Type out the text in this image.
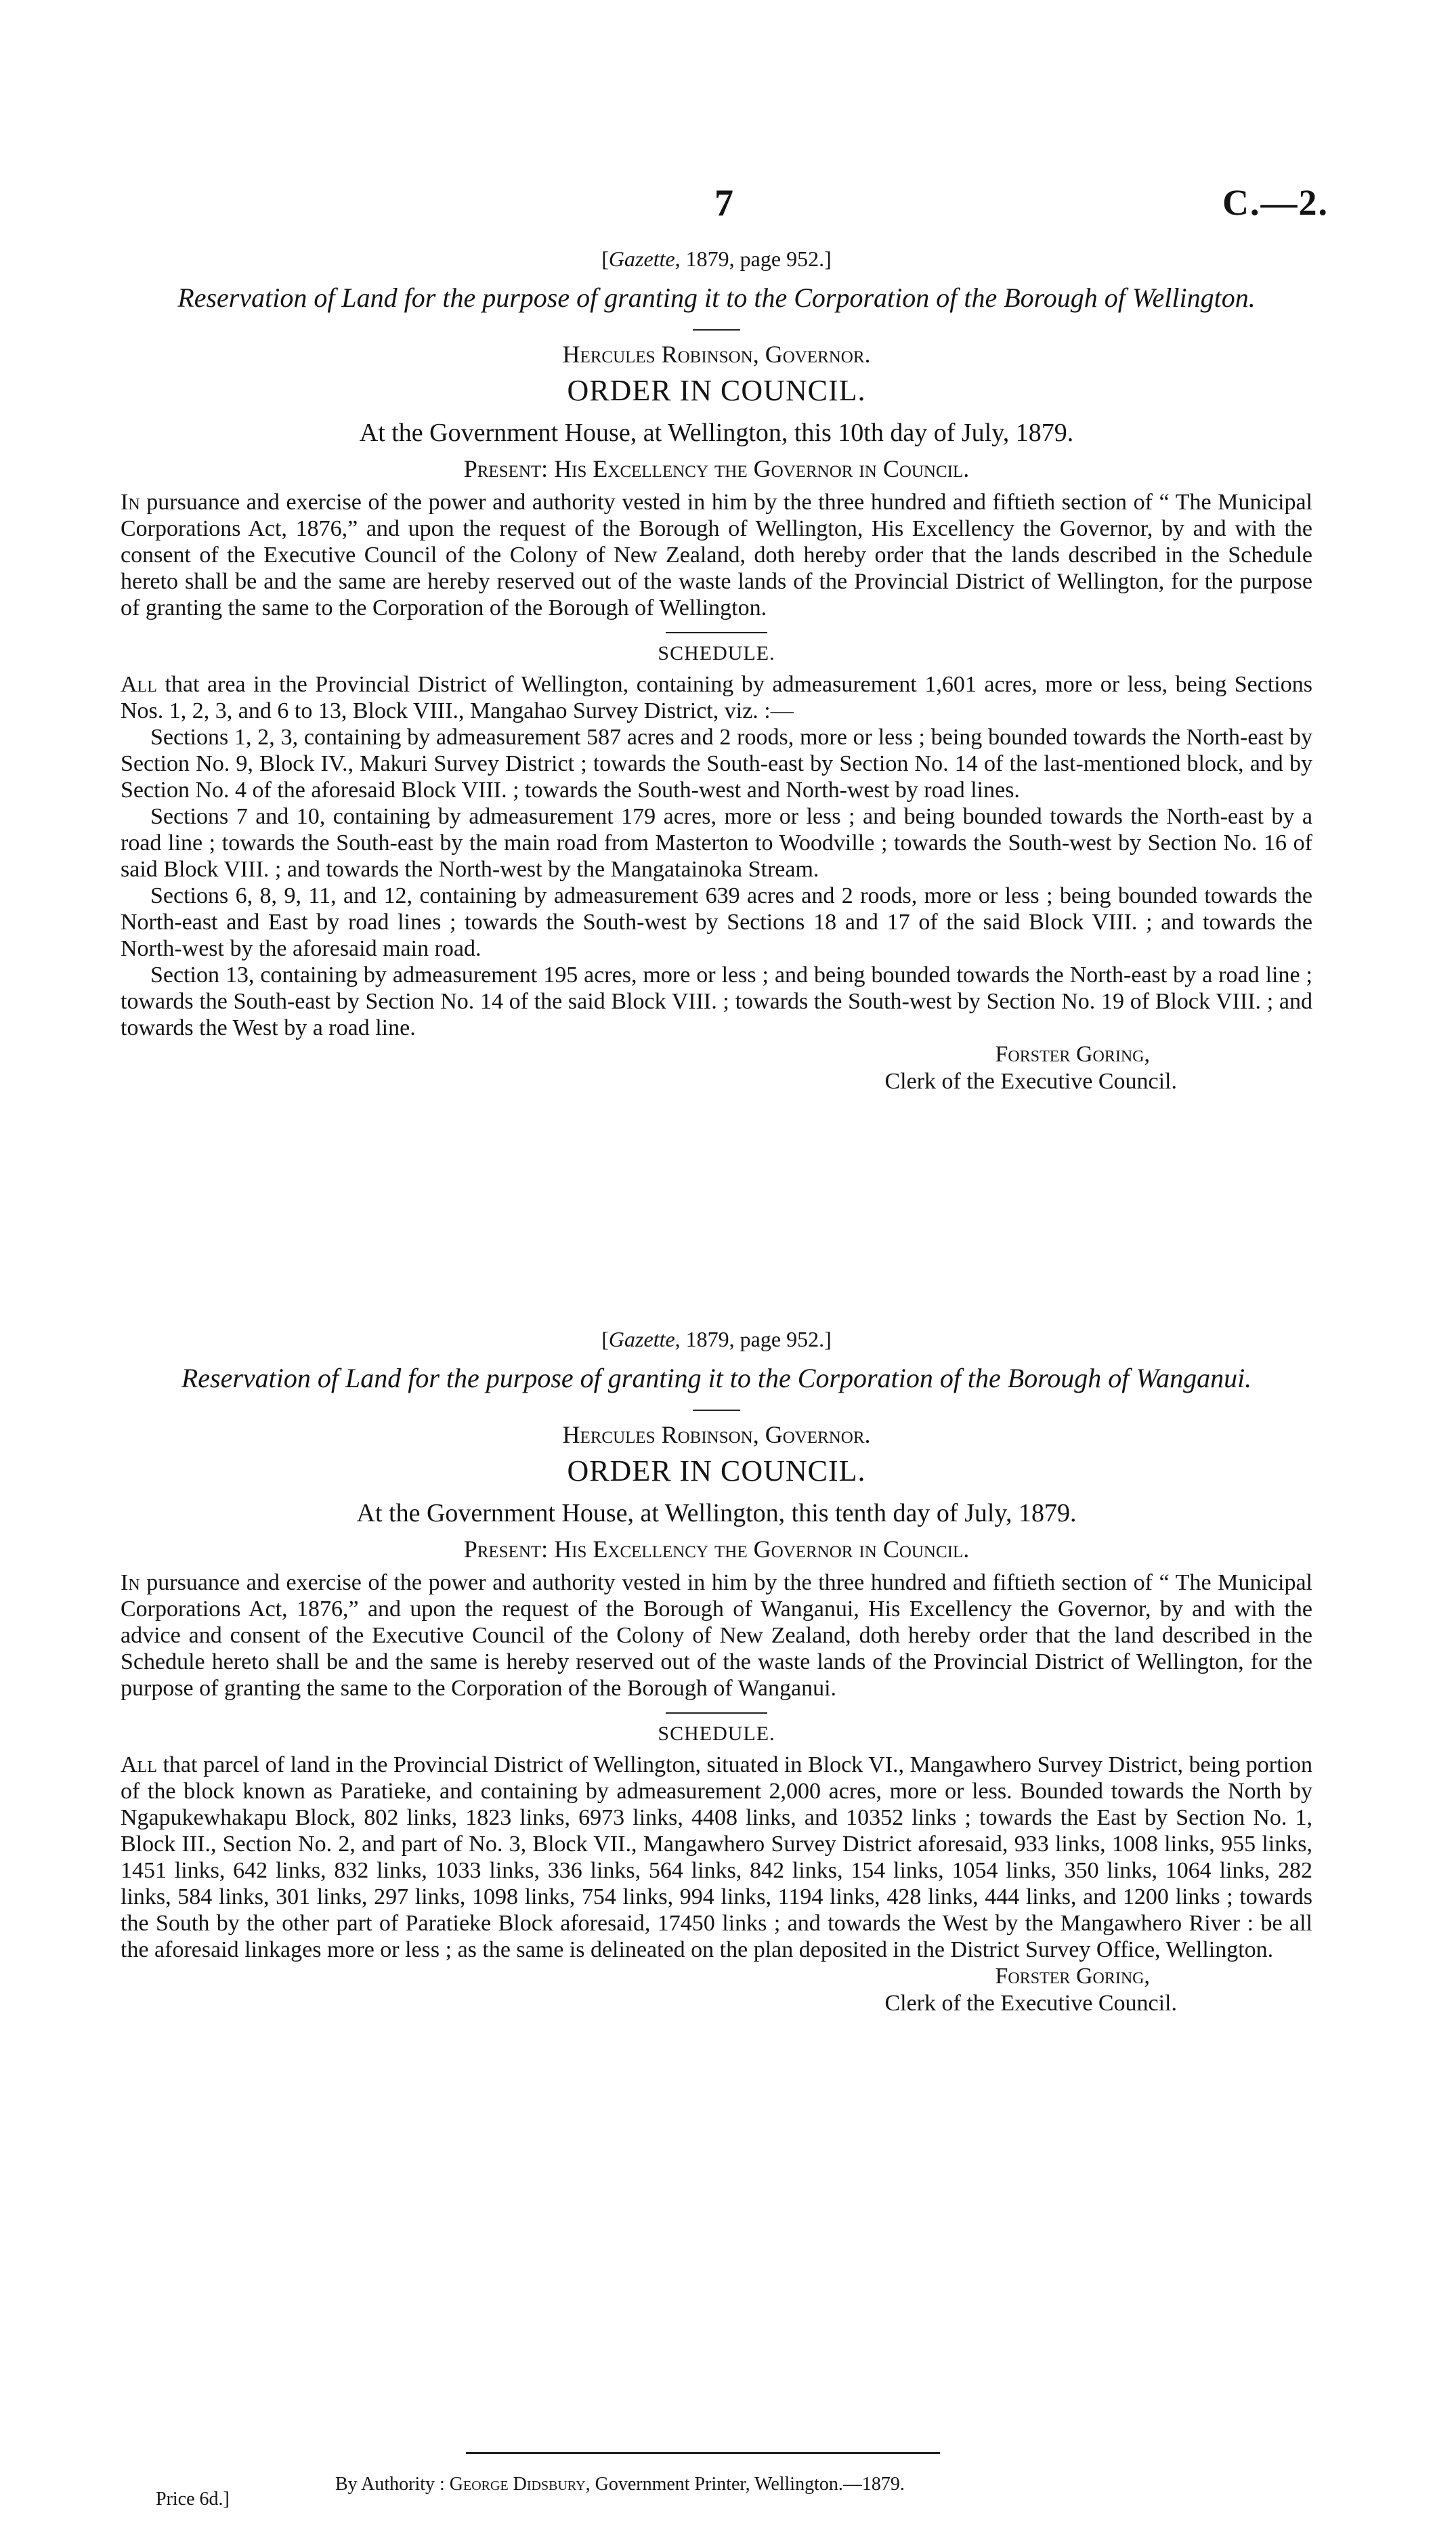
7	C.—2.
[Gazette, 1879, page 952.]
Reservation of Land for the purpose of granting it to the Corporation of the Borough of Wellington.
Hercules Robinson, Governor.
ORDER IN COUNCIL.
At the Government House, at Wellington, this 10th day of July, 1879.
Present: His Excellency the Governor in Council.

In pursuance and exercise of the power and authority vested in him by the three hundred and fiftieth section of “ The Municipal Corporations Act, 1876,” and upon the request of the Borough of Wellington, His Excellency the Governor, by and with the consent of the Executive Council of the Colony of New Zealand, doth hereby order that the lands described in the Schedule hereto shall be and the same are hereby reserved out of the waste lands of the Provincial District of Wellington, for the purpose of granting the same to the Corporation of the Borough of Wellington.

SCHEDULE.

All that area in the Provincial District of Wellington, containing by admeasurement 1,601 acres, more or less, being Sections Nos. 1, 2, 3, and 6 to 13, Block VIII., Mangahao Survey District, viz. :—

Sections 1, 2, 3, containing by admeasurement 587 acres and 2 roods, more or less ; being bounded towards the North-east by Section No. 9, Block IV., Makuri Survey District ; towards the South-east by Section No. 14 of the last-mentioned block, and by Section No. 4 of the aforesaid Block VIII. ; towards the South-west and North-west by road lines.

Sections 7 and 10, containing by admeasurement 179 acres, more or less ; and being bounded towards the North-east by a road line ; towards the South-east by the main road from Masterton to Woodville ; towards the South-west by Section No. 16 of said Block VIII. ; and towards the North-west by the Mangatainoka Stream.

Sections 6, 8, 9, 11, and 12, containing by admeasurement 639 acres and 2 roods, more or less ; being bounded towards the North-east and East by road lines ; towards the South-west by Sections 18 and 17 of the said Block VIII. ; and towards the North-west by the aforesaid main road.

Section 13, containing by admeasurement 195 acres, more or less ; and being bounded towards the North-east by a road line ; towards the South-east by Section No. 14 of the said Block VIII. ; towards the South-west by Section No. 19 of Block VIII. ; and towards the West by a road line.

Forster Goring,
Clerk of the Executive Council.
[Gazette, 1879, page 952.]
Reservation of Land for the purpose of granting it to the Corporation of the Borough of Wanganui.
Hercules Robinson, Governor.
ORDER IN COUNCIL.
At the Government House, at Wellington, this tenth day of July, 1879.
Present: His Excellency the Governor in Council.

In pursuance and exercise of the power and authority vested in him by the three hundred and fiftieth section of “ The Municipal Corporations Act, 1876,” and upon the request of the Borough of Wanganui, His Excellency the Governor, by and with the advice and consent of the Executive Council of the Colony of New Zealand, doth hereby order that the land described in the Schedule hereto shall be and the same is hereby reserved out of the waste lands of the Provincial District of Wellington, for the purpose of granting the same to the Corporation of the Borough of Wanganui.

SCHEDULE.

All that parcel of land in the Provincial District of Wellington, situated in Block VI., Mangawhero Survey District, being portion of the block known as Paratieke, and containing by admeasurement 2,000 acres, more or less. Bounded towards the North by Ngapukewhakapu Block, 802 links, 1823 links, 6973 links, 4408 links, and 10352 links ; towards the East by Section No. 1, Block III., Section No. 2, and part of No. 3, Block VII., Mangawhero Survey District aforesaid, 933 links, 1008 links, 955 links, 1451 links, 642 links, 832 links, 1033 links, 336 links, 564 links, 842 links, 154 links, 1054 links, 350 links, 1064 links, 282 links, 584 links, 301 links, 297 links, 1098 links, 754 links, 994 links, 1194 links, 428 links, 444 links, and 1200 links ; towards the South by the other part of Paratieke Block aforesaid, 17450 links ; and towards the West by the Mangawhero River : be all the aforesaid linkages more or less ; as the same is delineated on the plan deposited in the District Survey Office, Wellington.

Forster Goring,
Clerk of the Executive Council.
By Authority : George Didsbury, Government Printer, Wellington.—1879.
Price 6d.]
